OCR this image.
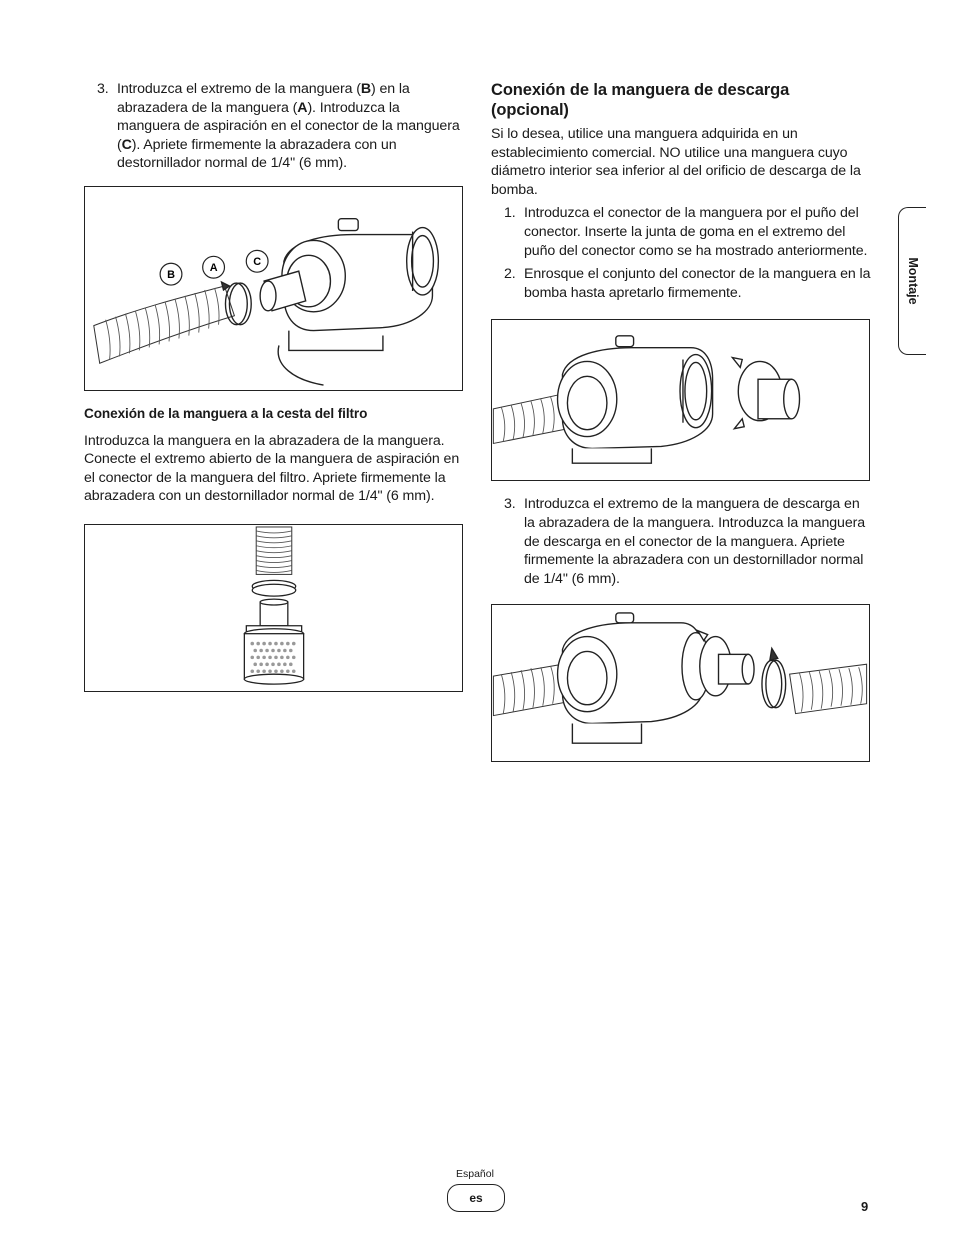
3. Introduzca el extremo de la manguera (B) en la abrazadera de la manguera (A). Introduzca la manguera de aspiración en el conector de la manguera (C). Apriete firmemente la abrazadera con un destornillador normal de 1/4" (6 mm).
B
A	C

Conexión de la manguera a la cesta del filtro

Introduzca la manguera en la abrazadera de la manguera. Conecte el extremo abierto de la manguera de aspiración en el conector de la manguera del filtro. Apriete firmemente la abrazadera con un destornillador normal de 1/4" (6 mm).

Conexión de la manguera de descarga (opcional)

Si lo desea, utilice una manguera adquirida en un establecimiento comercial. NO utilice una manguera cuyo diámetro interior sea inferior al del orificio de descarga de la bomba.

1. Introduzca el conector de la manguera por el puño del conector. Inserte la junta de goma en el extremo del puño del conector como se ha mostrado anteriormente.
2. Enrosque el conjunto del conector de la manguera en la bomba hasta apretarlo firmemente.
3. Introduzca el extremo de la manguera de descarga en la abrazadera de la manguera. Introduzca la manguera de descarga en el conector de la manguera. Apriete firmemente la abrazadera con un destornillador normal de 1/4" (6 mm).
Montaje
Español
es
9
